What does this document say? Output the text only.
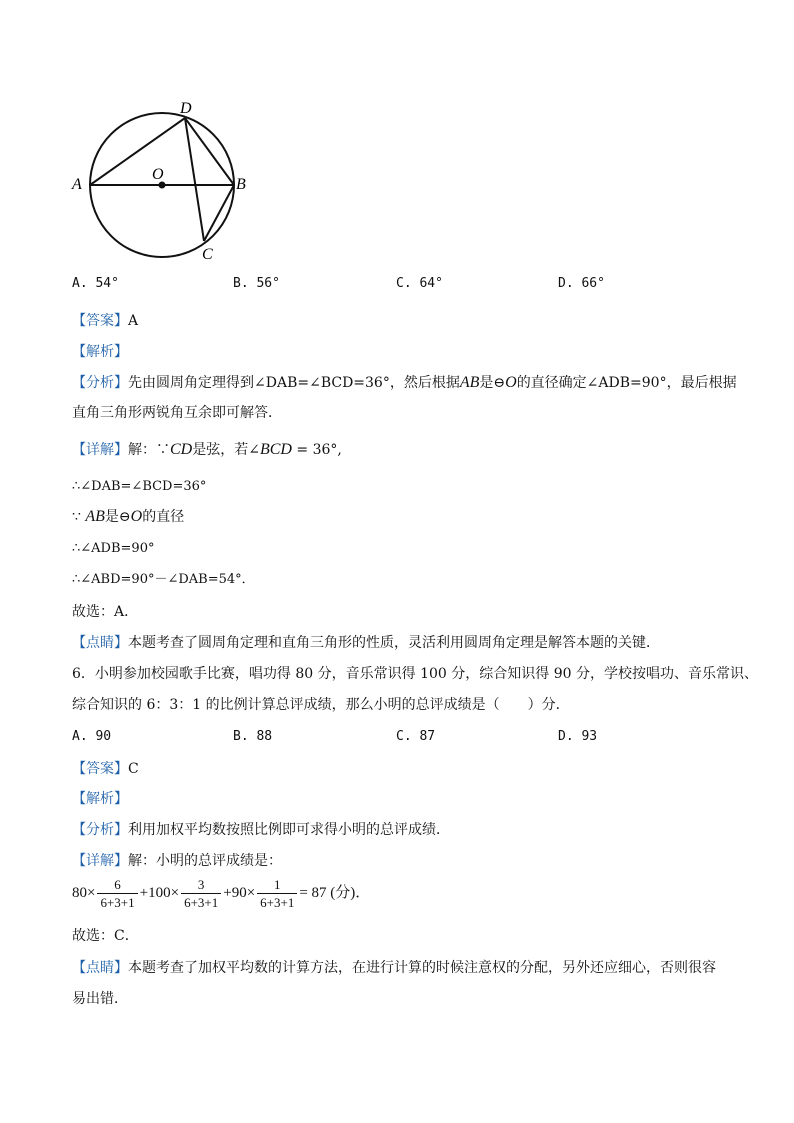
A	B
C
D
O
A. 54°	B. 56°	C. 64°	D. 66°
【答案】A
【解析】
【分析】先由圆周角定理得到∠DAB=∠BCD=36°，然后根据AB是⊖O的直径确定∠ADB=90°，最后根据
直角三角形两锐角互余即可解答．
【详解】解：∵CD是弦，若∠BCD = 36°,
∴∠DAB=∠BCD=36°
∵ AB是⊖O的直径
∴∠ADB=90°
∴∠ABD=90°－∠DAB=54°．
故选：A．
【点睛】本题考查了圆周角定理和直角三角形的性质，灵活利用圆周角定理是解答本题的关键．
6．小明参加校园歌手比赛，唱功得 80 分，音乐常识得 100 分，综合知识得 90 分，学校按唱功、音乐常识、
综合知识的 6：3：1 的比例计算总评成绩，那么小明的总评成绩是（　　）分．
A. 90	B. 88	C. 87	D. 93
【答案】C
【解析】
【分析】利用加权平均数按照比例即可求得小明的总评成绩．
【详解】解：小明的总评成绩是：
$80\times \frac{6}{6+3+1} +100\times \frac{3}{6+3+1} +90\times \frac{1}{6+3+1} = 87$ (分)．
故选：C．
【点睛】本题考查了加权平均数的计算方法，在进行计算的时候注意权的分配，另外还应细心，否则很容
易出错．
